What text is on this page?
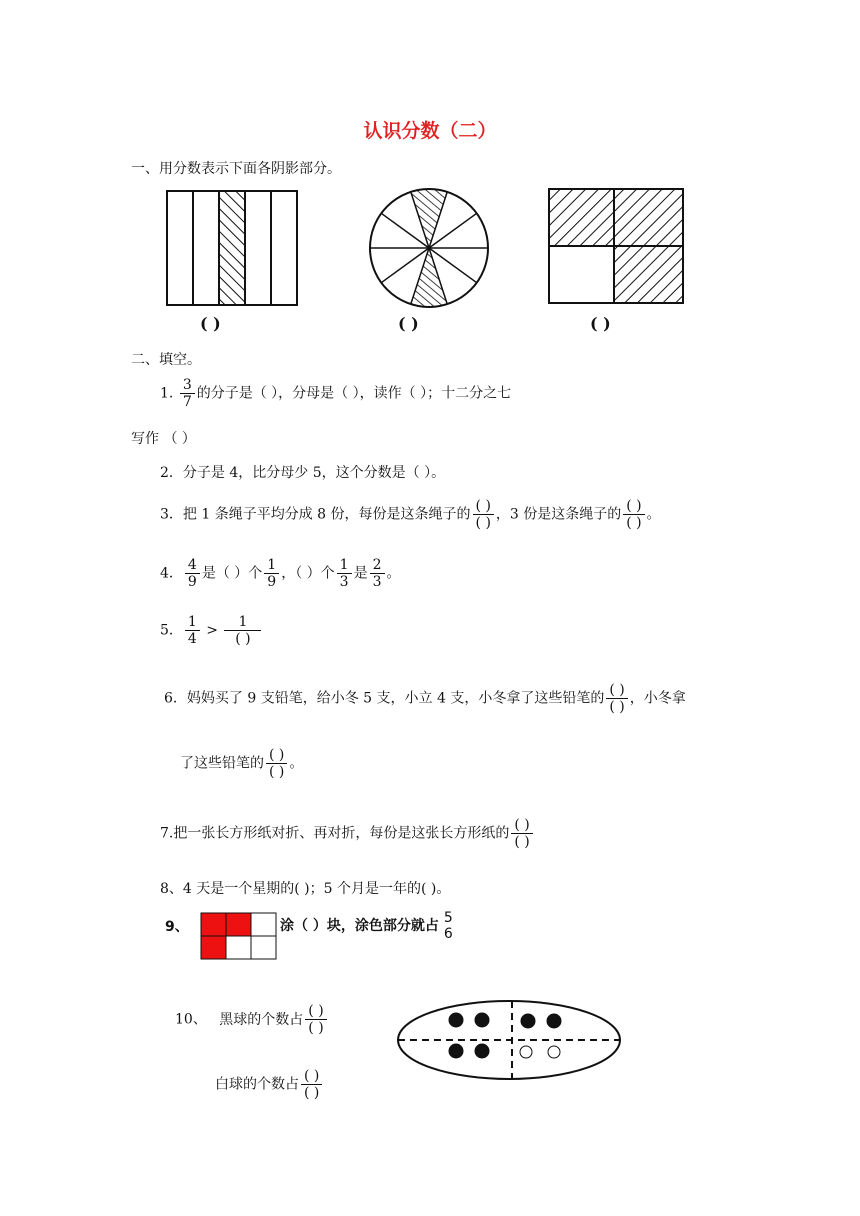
认识分数（二）
一、用分数表示下面各阴影部分。
( )	( )	( )
二、填空。
1. $\frac{3}{7}$ 的分子是（ ），分母是（ ），读作（ ）；十二分之七
写作 （ ）
2．分子是 4，比分母少 5，这个分数是（ ）。
3．把 1 条绳子平均分成 8 份，每份是这条绳子的 $\frac{( )}{( )}$ ，3 份是这条绳子的 $\frac{( )}{( )}$ 。
4． $\frac{4}{9}$ 是（ ）个 $\frac{1}{9}$ ，（ ）个 $\frac{1}{3}$ 是 $\frac{2}{3}$ 。
5． $\frac{1}{4} > \frac{1}{( )}$
6．妈妈买了 9 支铅笔，给小冬 5 支，小立 4 支，小冬拿了这些铅笔的 $\frac{( )}{( )}$ ，小冬拿
了这些铅笔的 $\frac{( )}{( )}$ 。
7.把一张长方形纸对折、再对折，每份是这张长方形纸的 $\frac{( )}{( )}$
8、4 天是一个星期的( )；5 个月是一年的( )。
9、	涂（ ）块，涂色部分就占
5
6
10、 黑球的个数占 $\frac{( )}{( )}$
白球的个数占 $\frac{( )}{( )}$
